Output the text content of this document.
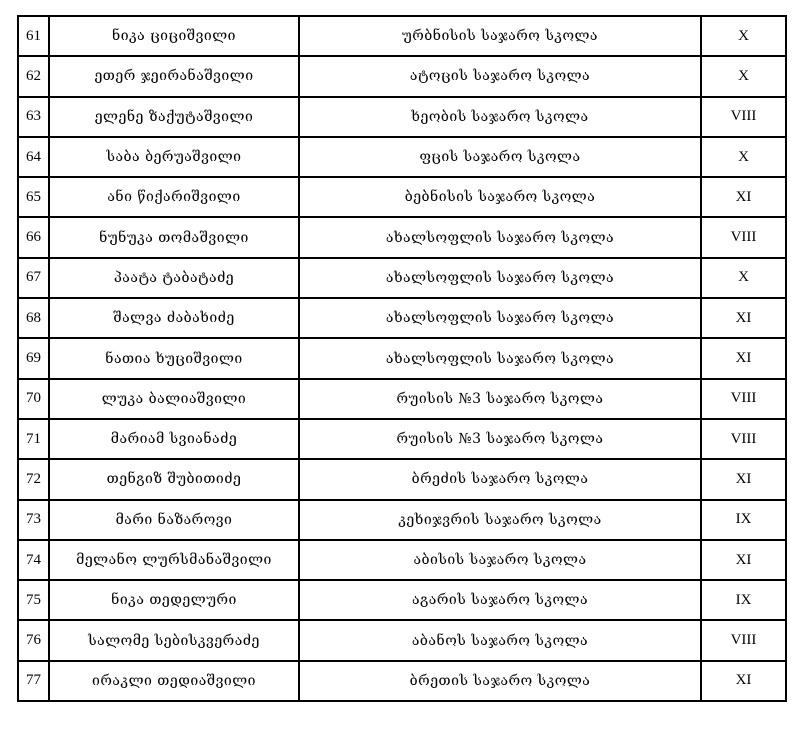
61	ნიკა ციციშვილი	ურბნისის საჯარო სკოლა	X
62	ეთერ ჯეირანაშვილი	ატოცის საჯარო სკოლა	X
63	ელენე ზაქუტაშვილი	ხეობის საჯარო სკოლა	VIII
64	საბა ბერუაშვილი	ფცის საჯარო სკოლა	X
65	ანი წიქარიშვილი	ბებნისის საჯარო სკოლა	XI
66	ნუნუკა თომაშვილი	ახალსოფლის საჯარო სკოლა	VIII
67	პაატა ტაბატაძე	ახალსოფლის საჯარო სკოლა	X
68	შალვა ძაბახიძე	ახალსოფლის საჯარო სკოლა	XI
69	ნათია ხუციშვილი	ახალსოფლის საჯარო სკოლა	XI
70	ლუკა ბალიაშვილი	რუისის №3 საჯარო სკოლა	VIII
71	მარიამ სვიანაძე	რუისის №3 საჯარო სკოლა	VIII
72	თენგიზ შუბითიძე	ბრეძის საჯარო სკოლა	XI
73	მარი ნაზაროვი	კეხიჯვრის საჯარო სკოლა	IX
74	მელანო ლურსმანაშვილი	აბისის საჯარო სკოლა	XI
75	ნიკა თედელური	აგარის საჯარო სკოლა	IX
76	სალომე სებისკვერაძე	აბანოს საჯარო სკოლა	VIII
77	ირაკლი თედიაშვილი	ბრეთის საჯარო სკოლა	XI
